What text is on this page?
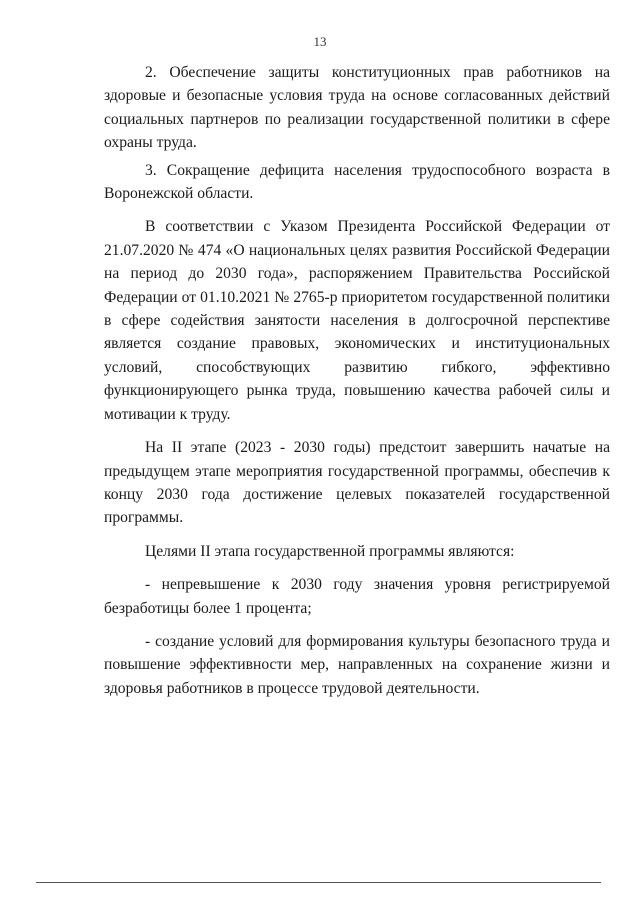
13

2. Обеспечение защиты конституционных прав работников на здоровые и безопасные условия труда на основе согласованных действий социальных партнеров по реализации государственной политики в сфере охраны труда.

3. Сокращение дефицита населения трудоспособного возраста в Воронежской области.

В соответствии с Указом Президента Российской Федерации от 21.07.2020 № 474 «О национальных целях развития Российской Федерации на период до 2030 года», распоряжением Правительства Российской Федерации от 01.10.2021 № 2765-р приоритетом государственной политики в сфере содействия занятости населения в долгосрочной перспективе является создание правовых, экономических и институциональных условий, способствующих развитию гибкого, эффективно функционирующего рынка труда, повышению качества рабочей силы и мотивации к труду.

На II этапе (2023 - 2030 годы) предстоит завершить начатые на предыдущем этапе мероприятия государственной программы, обеспечив к концу 2030 года достижение целевых показателей государственной программы.

Целями II этапа государственной программы являются:

- непревышение к 2030 году значения уровня регистрируемой безработицы более 1 процента;

- создание условий для формирования культуры безопасного труда и повышение эффективности мер, направленных на сохранение жизни и здоровья работников в процессе трудовой деятельности.
